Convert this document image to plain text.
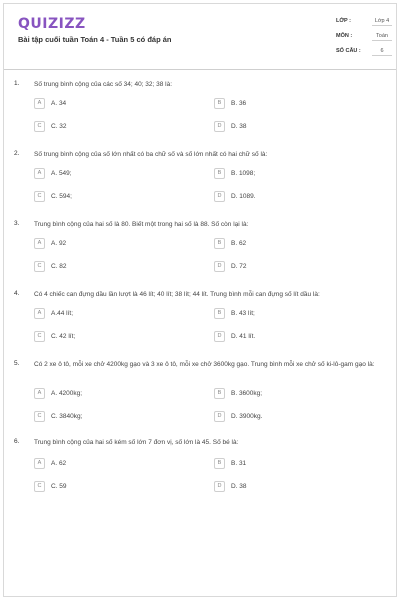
QUIZIZZ
Bài tập cuối tuần Toán 4 - Tuần 5 có đáp án
LỚP :	Lớp 4
MÔN :	Toán
SỐ CÂU :	6
1. Số trung bình cộng của các số 34; 40; 32; 38 là:
A	A. 34	B	B. 36
C	C. 32	D	D. 38
2. Số trung bình cộng của số lớn nhất có ba chữ số và số lớn nhất có hai chữ số là:
A	A. 549;	B	B. 1098;
C	C. 594;	D	D. 1089.
3. Trung bình cộng của hai số là 80. Biết một trong hai số là 88. Số còn lại là:
A	A. 92	B	B. 62
C	C. 82	D	D. 72
4. Có 4 chiếc can đựng dầu lần lượt là 46 lít; 40 lít; 38 lít; 44 lít. Trung bình mỗi can đựng số lít dầu là:
A	A.44 lít;	B	B. 43 lít;
C	C. 42 lít;	D	D. 41 lít.
5. Có 2 xe ô tô, mỗi xe chở 4200kg gạo và 3 xe ô tô, mỗi xe chở 3600kg gạo. Trung bình mỗi xe chở số ki-lô-gam gạo là:
A	A. 4200kg;	B	B. 3600kg;
C	C. 3840kg;	D	D. 3900kg.
6. Trung bình cộng của hai số kém số lớn 7 đơn vị, số lớn là 45. Số bé là:
A	A. 62	B	B. 31
C	C. 59	D	D. 38
